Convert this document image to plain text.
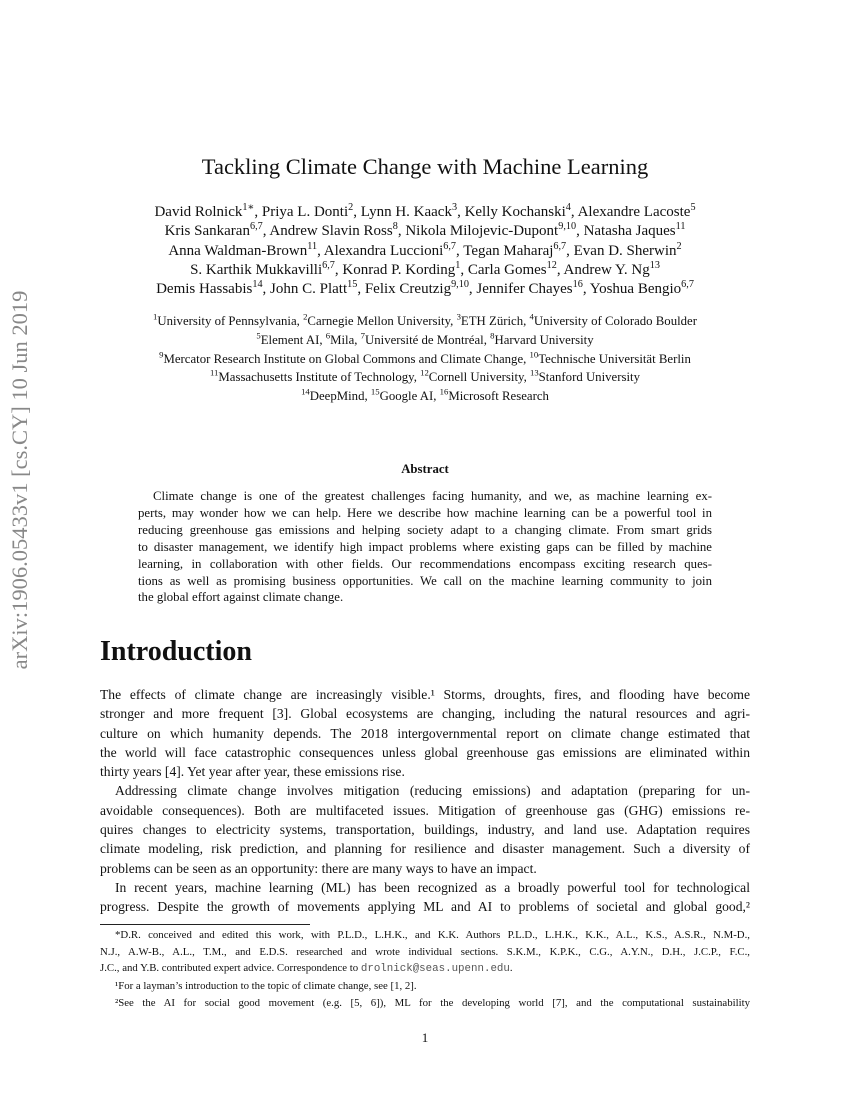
arXiv:1906.05433v1 [cs.CY] 10 Jun 2019
Tackling Climate Change with Machine Learning
David Rolnick$^{1∗}$, Priya L. Donti$^2$, Lynn H. Kaack$^3$, Kelly Kochanski$^4$, Alexandre Lacoste$^5$
Kris Sankaran$^{6,7}$, Andrew Slavin Ross$^8$, Nikola Milojevic-Dupont$^{9,10}$, Natasha Jaques$^{11}$
Anna Waldman-Brown$^{11}$, Alexandra Luccioni$^{6,7}$, Tegan Maharaj$^{6,7}$, Evan D. Sherwin$^2$
S. Karthik Mukkavilli$^{6,7}$, Konrad P. Kording$^1$, Carla Gomes$^{12}$, Andrew Y. Ng$^{13}$
Demis Hassabis$^{14}$, John C. Platt$^{15}$, Felix Creutzig$^{9,10}$, Jennifer Chayes$^{16}$, Yoshua Bengio$^{6,7}$
$^1$University of Pennsylvania, $^2$Carnegie Mellon University, $^3$ETH Zürich, $^4$University of Colorado Boulder
$^5$Element AI, $^6$Mila, $^7$Université de Montréal, $^8$Harvard University
$^9$Mercator Research Institute on Global Commons and Climate Change, $^{10}$Technische Universität Berlin
$^{11}$Massachusetts Institute of Technology, $^{12}$Cornell University, $^{13}$Stanford University
$^{14}$DeepMind, $^{15}$Google AI, $^{16}$Microsoft Research
Abstract
Climate change is one of the greatest challenges facing humanity, and we, as machine learning ex-
perts, may wonder how we can help. Here we describe how machine learning can be a powerful tool in
reducing greenhouse gas emissions and helping society adapt to a changing climate. From smart grids
to disaster management, we identify high impact problems where existing gaps can be filled by machine
learning, in collaboration with other fields. Our recommendations encompass exciting research ques-
tions as well as promising business opportunities. We call on the machine learning community to join
the global effort against climate change.
Introduction
The effects of climate change are increasingly visible.¹ Storms, droughts, fires, and flooding have become
stronger and more frequent [3]. Global ecosystems are changing, including the natural resources and agri-
culture on which humanity depends. The 2018 intergovernmental report on climate change estimated that
the world will face catastrophic consequences unless global greenhouse gas emissions are eliminated within
thirty years [4]. Yet year after year, these emissions rise.
Addressing climate change involves mitigation (reducing emissions) and adaptation (preparing for un-
avoidable consequences). Both are multifaceted issues. Mitigation of greenhouse gas (GHG) emissions re-
quires changes to electricity systems, transportation, buildings, industry, and land use. Adaptation requires
climate modeling, risk prediction, and planning for resilience and disaster management. Such a diversity of
problems can be seen as an opportunity: there are many ways to have an impact.
In recent years, machine learning (ML) has been recognized as a broadly powerful tool for technological
progress. Despite the growth of movements applying ML and AI to problems of societal and global good,²
*D.R. conceived and edited this work, with P.L.D., L.H.K., and K.K. Authors P.L.D., L.H.K., K.K., A.L., K.S., A.S.R., N.M-D.,
N.J., A.W-B., A.L., T.M., and E.D.S. researched and wrote individual sections. S.K.M., K.P.K., C.G., A.Y.N., D.H., J.C.P., F.C.,
J.C., and Y.B. contributed expert advice. Correspondence to drolnick@seas.upenn.edu.
¹For a layman’s introduction to the topic of climate change, see [1, 2].
²See the AI for social good movement (e.g. [5, 6]), ML for the developing world [7], and the computational sustainability
1
